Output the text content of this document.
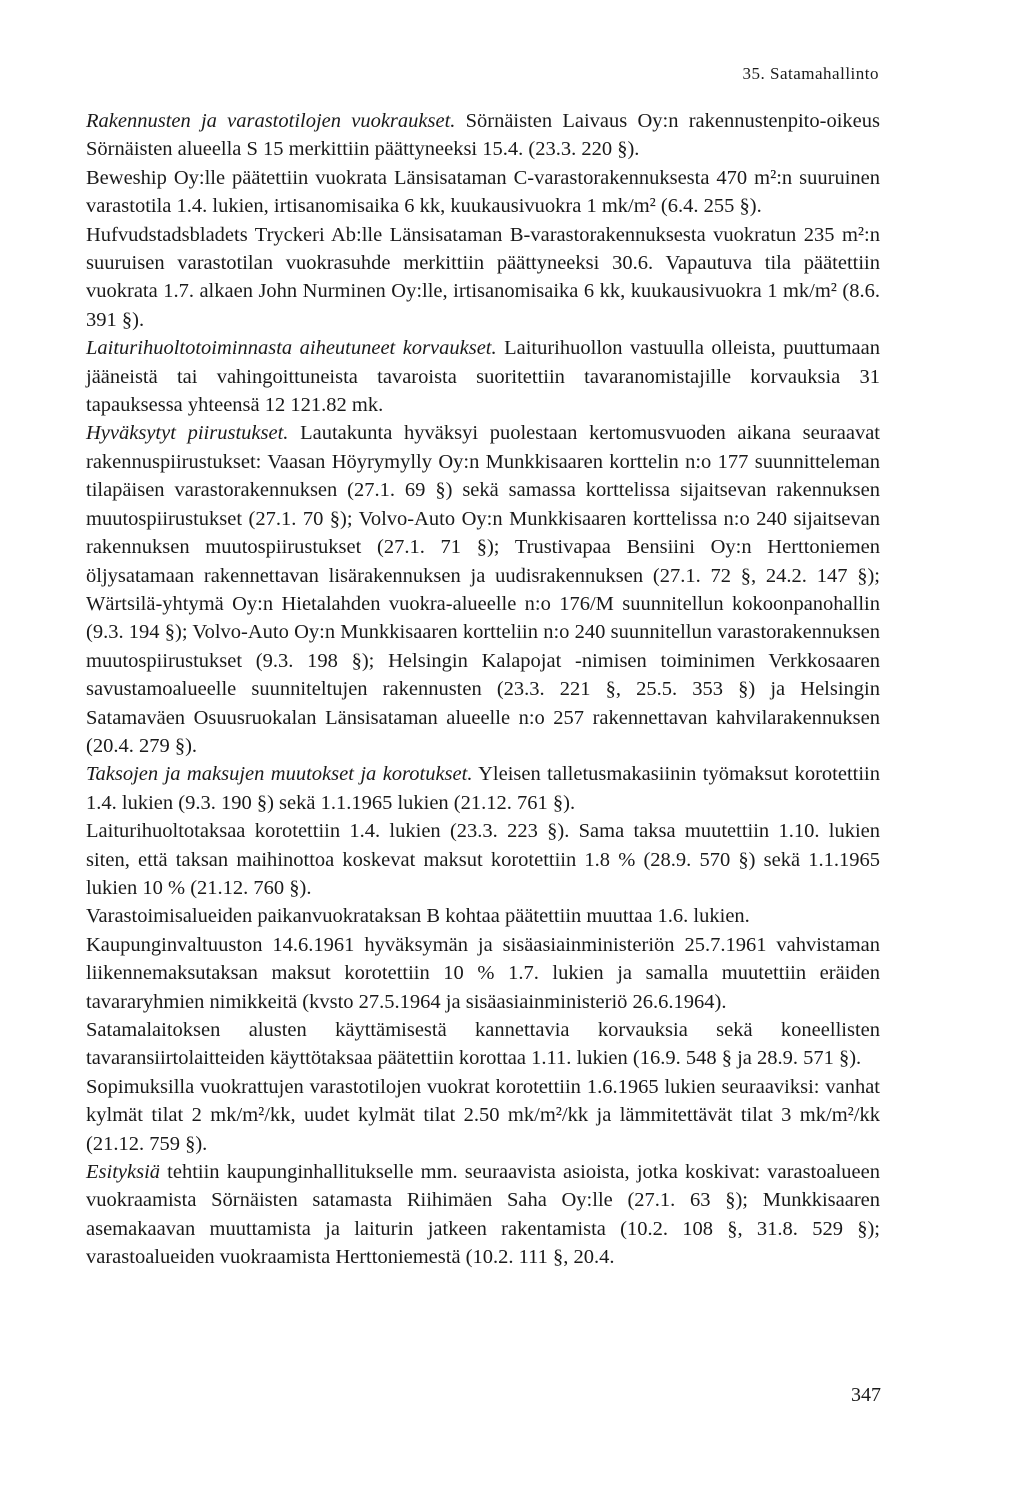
35. Satamahallinto

Rakennusten ja varastotilojen vuokraukset. Sörnäisten Laivaus Oy:n rakennustenpito-oikeus Sörnäisten alueella S 15 merkittiin päättyneeksi 15.4. (23.3. 220 §).

Beweship Oy:lle päätettiin vuokrata Länsisataman C-varastorakennuksesta 470 m²:n suuruinen varastotila 1.4. lukien, irtisanomisaika 6 kk, kuukausivuokra 1 mk/m² (6.4. 255 §).

Hufvudstadsbladets Tryckeri Ab:lle Länsisataman B-varastorakennuksesta vuokratun 235 m²:n suuruisen varastotilan vuokrasuhde merkittiin päättyneeksi 30.6. Vapautuva tila päätettiin vuokrata 1.7. alkaen John Nurminen Oy:lle, irtisanomisaika 6 kk, kuukausivuokra 1 mk/m² (8.6. 391 §).

Laiturihuoltotoiminnasta aiheutuneet korvaukset. Laiturihuollon vastuulla olleista, puuttumaan jääneistä tai vahingoittuneista tavaroista suoritettiin tavaranomistajille korvauksia 31 tapauksessa yhteensä 12 121.82 mk.

Hyväksytyt piirustukset. Lautakunta hyväksyi puolestaan kertomusvuoden aikana seuraavat rakennuspiirustukset: Vaasan Höyrymylly Oy:n Munkkisaaren korttelin n:o 177 suunnitteleman tilapäisen varastorakennuksen (27.1. 69 §) sekä samassa korttelissa sijaitsevan rakennuksen muutospiirustukset (27.1. 70 §); Volvo-Auto Oy:n Munkkisaaren korttelissa n:o 240 sijaitsevan rakennuksen muutospiirustukset (27.1. 71 §); Trustivapaa Bensiini Oy:n Herttoniemen öljysatamaan rakennettavan lisärakennuksen ja uudisrakennuksen (27.1. 72 §, 24.2. 147 §); Wärtsilä-yhtymä Oy:n Hietalahden vuokra-alueelle n:o 176/M suunnitellun kokoonpanohallin (9.3. 194 §); Volvo-Auto Oy:n Munkkisaaren kortteliin n:o 240 suunnitellun varastorakennuksen muutospiirustukset (9.3. 198 §); Helsingin Kalapojat -nimisen toiminimen Verkkosaaren savustamoalueelle suunniteltujen rakennusten (23.3. 221 §, 25.5. 353 §) ja Helsingin Satamaväen Osuusruokalan Länsisataman alueelle n:o 257 rakennettavan kahvilarakennuksen (20.4. 279 §).

Taksojen ja maksujen muutokset ja korotukset. Yleisen talletusmakasiinin työmaksut korotettiin 1.4. lukien (9.3. 190 §) sekä 1.1.1965 lukien (21.12. 761 §).

Laiturihuoltotaksaa korotettiin 1.4. lukien (23.3. 223 §). Sama taksa muutettiin 1.10. lukien siten, että taksan maihinottoa koskevat maksut korotettiin 1.8 % (28.9. 570 §) sekä 1.1.1965 lukien 10 % (21.12. 760 §).

Varastoimisalueiden paikanvuokrataksan B kohtaa päätettiin muuttaa 1.6. lukien.

Kaupunginvaltuuston 14.6.1961 hyväksymän ja sisäasiainministeriön 25.7.1961 vahvistaman liikennemaksutaksan maksut korotettiin 10 % 1.7. lukien ja samalla muutettiin eräiden tavararyhmien nimikkeitä (kvsto 27.5.1964 ja sisäasiainministeriö 26.6.1964).

Satamalaitoksen alusten käyttämisestä kannettavia korvauksia sekä koneellisten tavaransiirtolaitteiden käyttötaksaa päätettiin korottaa 1.11. lukien (16.9. 548 § ja 28.9. 571 §).

Sopimuksilla vuokrattujen varastotilojen vuokrat korotettiin 1.6.1965 lukien seuraaviksi: vanhat kylmät tilat 2 mk/m²/kk, uudet kylmät tilat 2.50 mk/m²/kk ja lämmitettävät tilat 3 mk/m²/kk (21.12. 759 §).

Esityksiä tehtiin kaupunginhallitukselle mm. seuraavista asioista, jotka koskivat: varastoalueen vuokraamista Sörnäisten satamasta Riihimäen Saha Oy:lle (27.1. 63 §); Munkkisaaren asemakaavan muuttamista ja laiturin jatkeen rakentamista (10.2. 108 §, 31.8. 529 §); varastoalueiden vuokraamista Herttoniemestä (10.2. 111 §, 20.4.

347
